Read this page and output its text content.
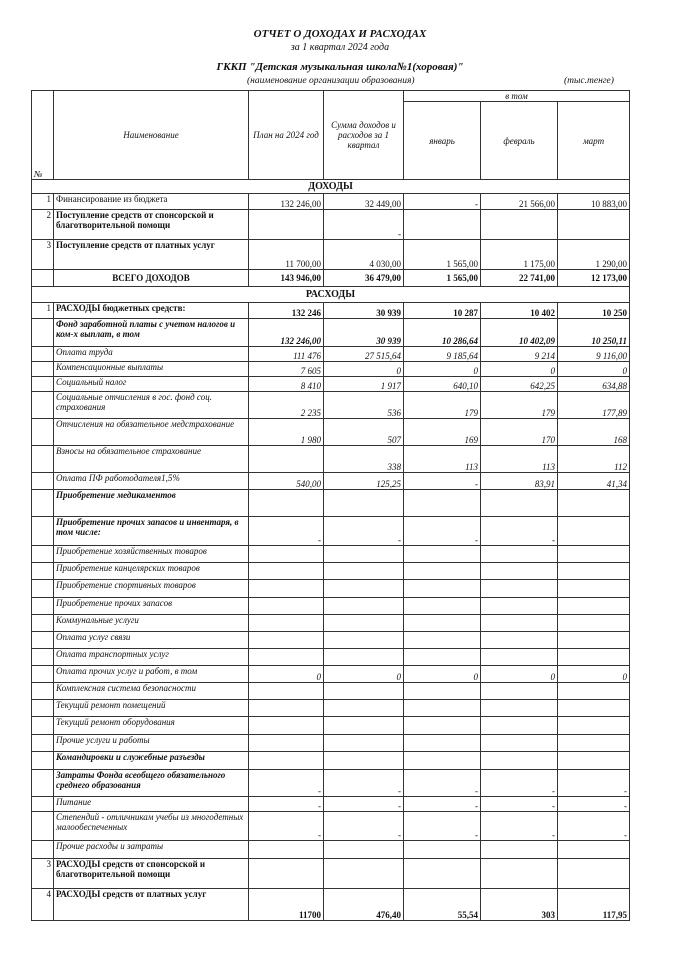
ОТЧЕТ О ДОХОДАХ И РАСХОДАХ
за 1 квартал 2024 года
ГККП "Детская музыкальная школа№1(хоровая)"
(наименование организации образования)	(тыс.тенге)
№	Наименование	План на 2024 год	Сумма доходов и расходов за 1 квартал	в том		
				январь	февраль	март
ДОХОДЫ						
1	Финансирование из бюджета	132 246,00	32 449,00	-	21 566,00	10 883,00
2	Поступление средств от спонсорской и благотворительной помощи		-			
3	Поступление средств от платных услуг	11 700,00	4 030,00	1 565,00	1 175,00	1 290,00
	ВСЕГО ДОХОДОВ	143 946,00	36 479,00	1 565,00	22 741,00	12 173,00
РАСХОДЫ						
1	РАСХОДЫ бюджетных средств:	132 246	30 939	10 287	10 402	10 250
	Фонд заработной платы с учетом налогов и ком-х выплат, в том	132 246,00	30 939	10 286,64	10 402,09	10 250,11
	Оплата труда	111 476	27 515,64	9 185,64	9 214	9 116,00
	Компенсационные выплаты	7 605	0	0	0	0
	Социальный налог	8 410	1 917	640,10	642,25	634,88
	Социальные отчисления в гос. фонд соц. страхования	2 235	536	179	179	177,89
	Отчисления на обязательное медстрахование	1 980	507	169	170	168
	Взносы на обязательное страхование		338	113	113	112
	Оплата ПФ работодателя1,5%	540,00	125,25	-	83,91	41,34
	Приобретение медикаментов					
	Приобретение прочих запасов и инвентаря, в том числе:	-	-	-	-	
	Приобретение хозяйственных товаров					
	Приобретение канцелярских товаров					
	Приобретение спортивных товаров					
	Приобретение прочих запасов					
	Коммунальные услуги					
	Оплата услуг связи					
	Оплата транспортных услуг					
	Оплата прочих услуг и работ, в том	0	0	0	0	0
	Комплексная система безопасности					
	Текущий ремонт помещений					
	Текущий ремонт оборудования					
	Прочие услуги и работы					
	Командировки и служебные разъезды					
	Затраты Фонда всеобщего обязательного среднего образования	-	-	-	-	-
	Питание	-	-	-	-	-
	Степендий - отличникам учебы из многодетных малообеспеченных	-	-	-	-	-
	Прочие расходы и затраты					
3	РАСХОДЫ средств от спонсорской и благотворительной помощи					
4	РАСХОДЫ средств от платных услуг	11700	476,40	55,54	303	117,95
